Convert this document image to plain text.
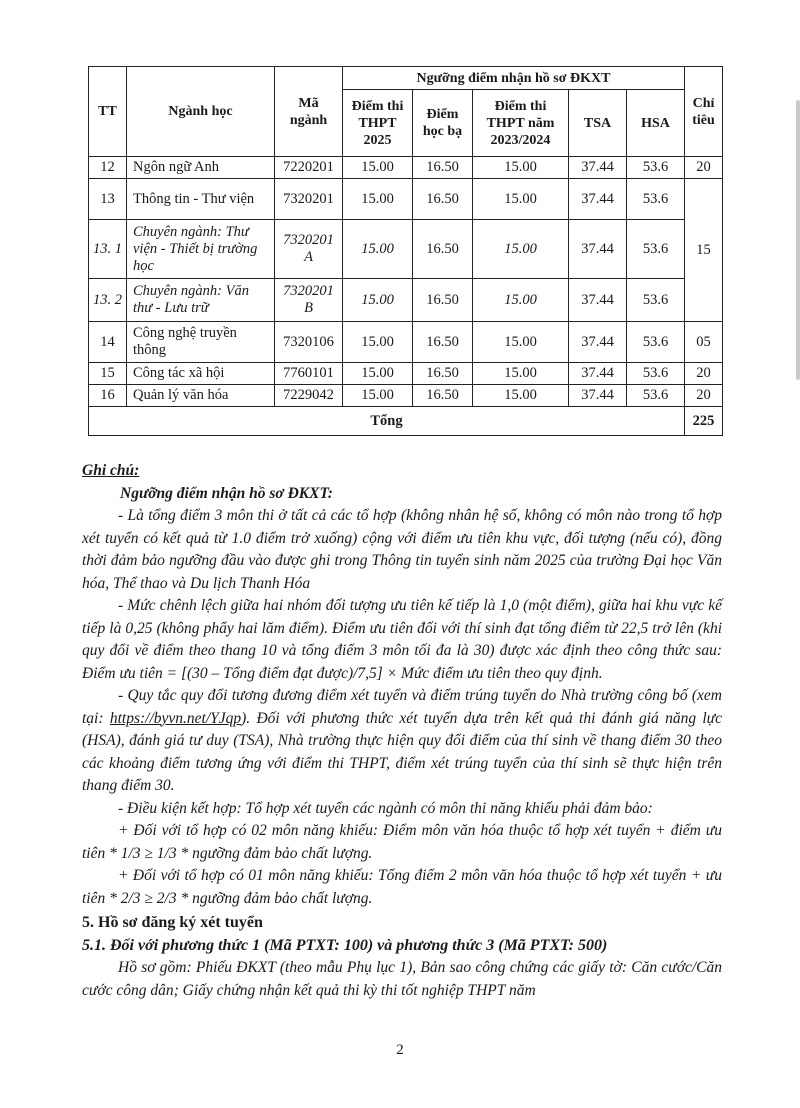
TT	Ngành học	Mã ngành	Ngưỡng điểm nhận hồ sơ ĐKXT					Chỉ tiêu
			Điểm thi THPT 2025	Điểm học bạ	Điểm thi THPT năm 2023/2024	TSA	HSA	
12	Ngôn ngữ Anh	7220201	15.00	16.50	15.00	37.44	53.6	20
13	Thông tin - Thư viện	7320201	15.00	16.50	15.00	37.44	53.6	15
13. 1	Chuyên ngành: Thư viện - Thiết bị trường học	7320201 A	15.00	16.50	15.00	37.44	53.6	
13. 2	Chuyên ngành: Văn thư - Lưu trữ	7320201 B	15.00	16.50	15.00	37.44	53.6	
14	Công nghệ truyền thông	7320106	15.00	16.50	15.00	37.44	53.6	05
15	Công tác xã hội	7760101	15.00	16.50	15.00	37.44	53.6	20
16	Quản lý văn hóa	7229042	15.00	16.50	15.00	37.44	53.6	20
Tổng								225

Ghi chú:

Ngưỡng điểm nhận hồ sơ ĐKXT:

- Là tổng điểm 3 môn thi ở tất cả các tổ hợp (không nhân hệ số, không có môn nào trong tổ hợp xét tuyển có kết quả từ 1.0 điểm trở xuống) cộng với điểm ưu tiên khu vực, đối tượng (nếu có), đồng thời đảm bảo ngưỡng đầu vào được ghi trong Thông tin tuyển sinh năm 2025 của trường Đại học Văn hóa, Thể thao và Du lịch Thanh Hóa

- Mức chênh lệch giữa hai nhóm đối tượng ưu tiên kế tiếp là 1,0 (một điểm), giữa hai khu vực kế tiếp là 0,25 (không phẩy hai lăm điểm). Điểm ưu tiên đối với thí sinh đạt tổng điểm từ 22,5 trở lên (khi quy đổi về điểm theo thang 10 và tổng điểm 3 môn tối đa là 30) được xác định theo công thức sau: Điểm ưu tiên = [(30 – Tổng điểm đạt được)/7,5] × Mức điểm ưu tiên theo quy định.

- Quy tắc quy đổi tương đương điểm xét tuyển và điểm trúng tuyển do Nhà trường công bố (xem tại: https://byvn.net/YJqp). Đối với phương thức xét tuyển dựa trên kết quả thi đánh giá năng lực (HSA), đánh giá tư duy (TSA), Nhà trường thực hiện quy đổi điểm của thí sinh về thang điểm 30 theo các khoảng điểm tương ứng với điểm thi THPT, điểm xét trúng tuyển của thí sinh sẽ thực hiện trên thang điểm 30.

- Điều kiện kết hợp: Tổ hợp xét tuyển các ngành có môn thi năng khiếu phải đảm bảo:

+ Đối với tổ hợp có 02 môn năng khiếu: Điểm môn văn hóa thuộc tổ hợp xét tuyển + điểm ưu tiên * 1/3 ≥ 1/3 * ngưỡng đảm bảo chất lượng.

+ Đối với tổ hợp có 01 môn năng khiếu: Tổng điểm 2 môn văn hóa thuộc tổ hợp xét tuyển + ưu tiên * 2/3 ≥ 2/3 * ngưỡng đảm bảo chất lượng.

5. Hồ sơ đăng ký xét tuyển
5.1. Đối với phương thức 1 (Mã PTXT: 100) và phương thức 3 (Mã PTXT: 500)

Hồ sơ gồm: Phiếu ĐKXT (theo mẫu Phụ lục 1), Bản sao công chứng các giấy tờ: Căn cước/Căn cước công dân; Giấy chứng nhận kết quả thi kỳ thi tốt nghiệp THPT năm

2
